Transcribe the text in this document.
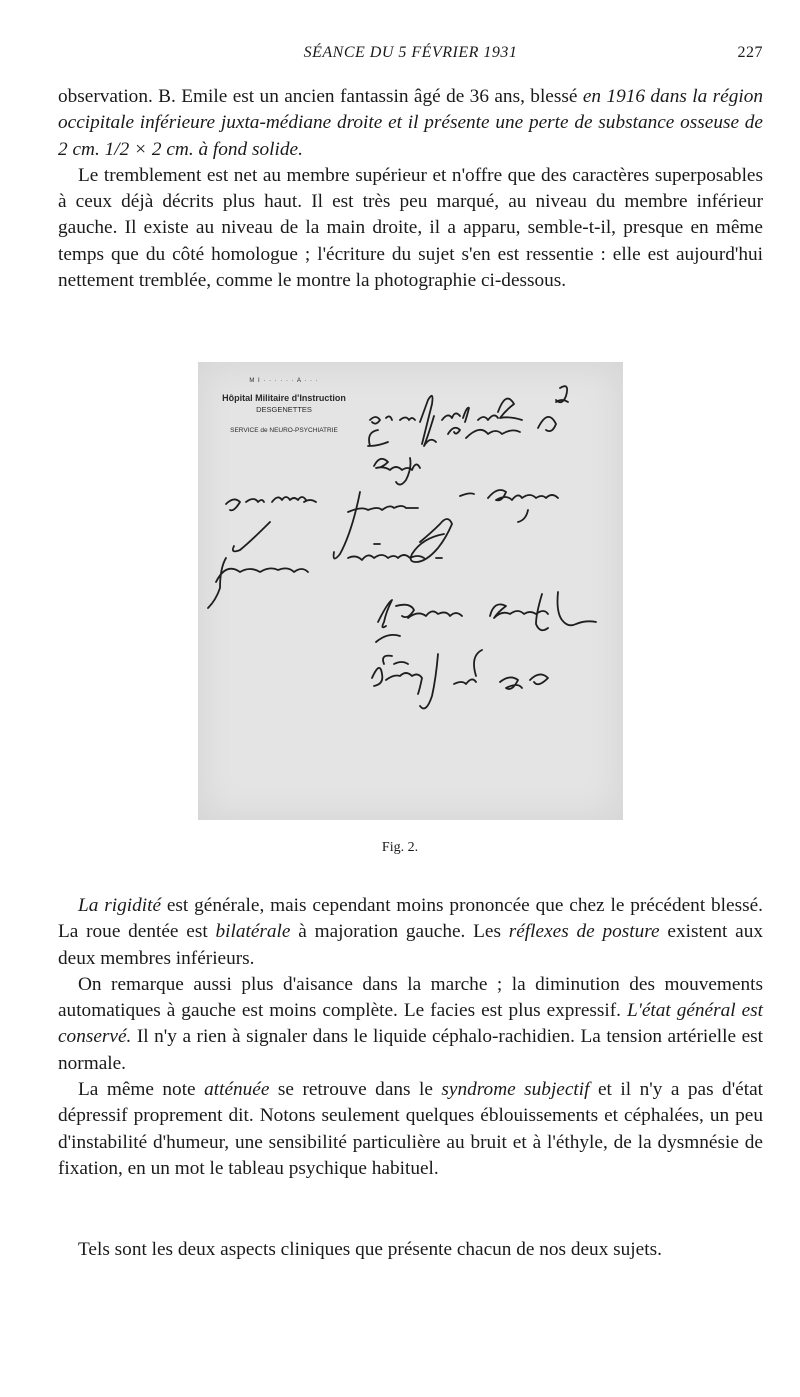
SÉANCE DU 5 FÉVRIER 1931	227

observation. B. Emile est un ancien fantassin âgé de 36 ans, blessé en 1916 dans la région occipitale inférieure juxta-médiane droite et il présente une perte de substance osseuse de 2 cm. 1/2 × 2 cm. à fond solide.

Le tremblement est net au membre supérieur et n'offre que des caractères superposables à ceux déjà décrits plus haut. Il est très peu marqué, au niveau du membre inférieur gauche. Il existe au niveau de la main droite, il a apparu, semble-t-il, presque en même temps que du côté homologue ; l'écriture du sujet s'en est ressentie : elle est aujourd'hui nettement tremblée, comme le montre la photographie ci-dessous.

M I · · · · · · A · · ·
Hôpital Militaire d'Instruction
DESGENETTES
SERVICE de NEURO-PSYCHIATRIE
Fig. 2.

La rigidité est générale, mais cependant moins prononcée que chez le précédent blessé. La roue dentée est bilatérale à majoration gauche. Les réflexes de posture existent aux deux membres inférieurs.

On remarque aussi plus d'aisance dans la marche ; la diminution des mouvements automatiques à gauche est moins complète. Le facies est plus expressif. L'état général est conservé. Il n'y a rien à signaler dans le liquide céphalo-rachidien. La tension artérielle est normale.

La même note atténuée se retrouve dans le syndrome subjectif et il n'y a pas d'état dépressif proprement dit. Notons seulement quelques éblouissements et céphalées, un peu d'instabilité d'humeur, une sensibilité particulière au bruit et à l'éthyle, de la dysmnésie de fixation, en un mot le tableau psychique habituel.

Tels sont les deux aspects cliniques que présente chacun de nos deux sujets.
